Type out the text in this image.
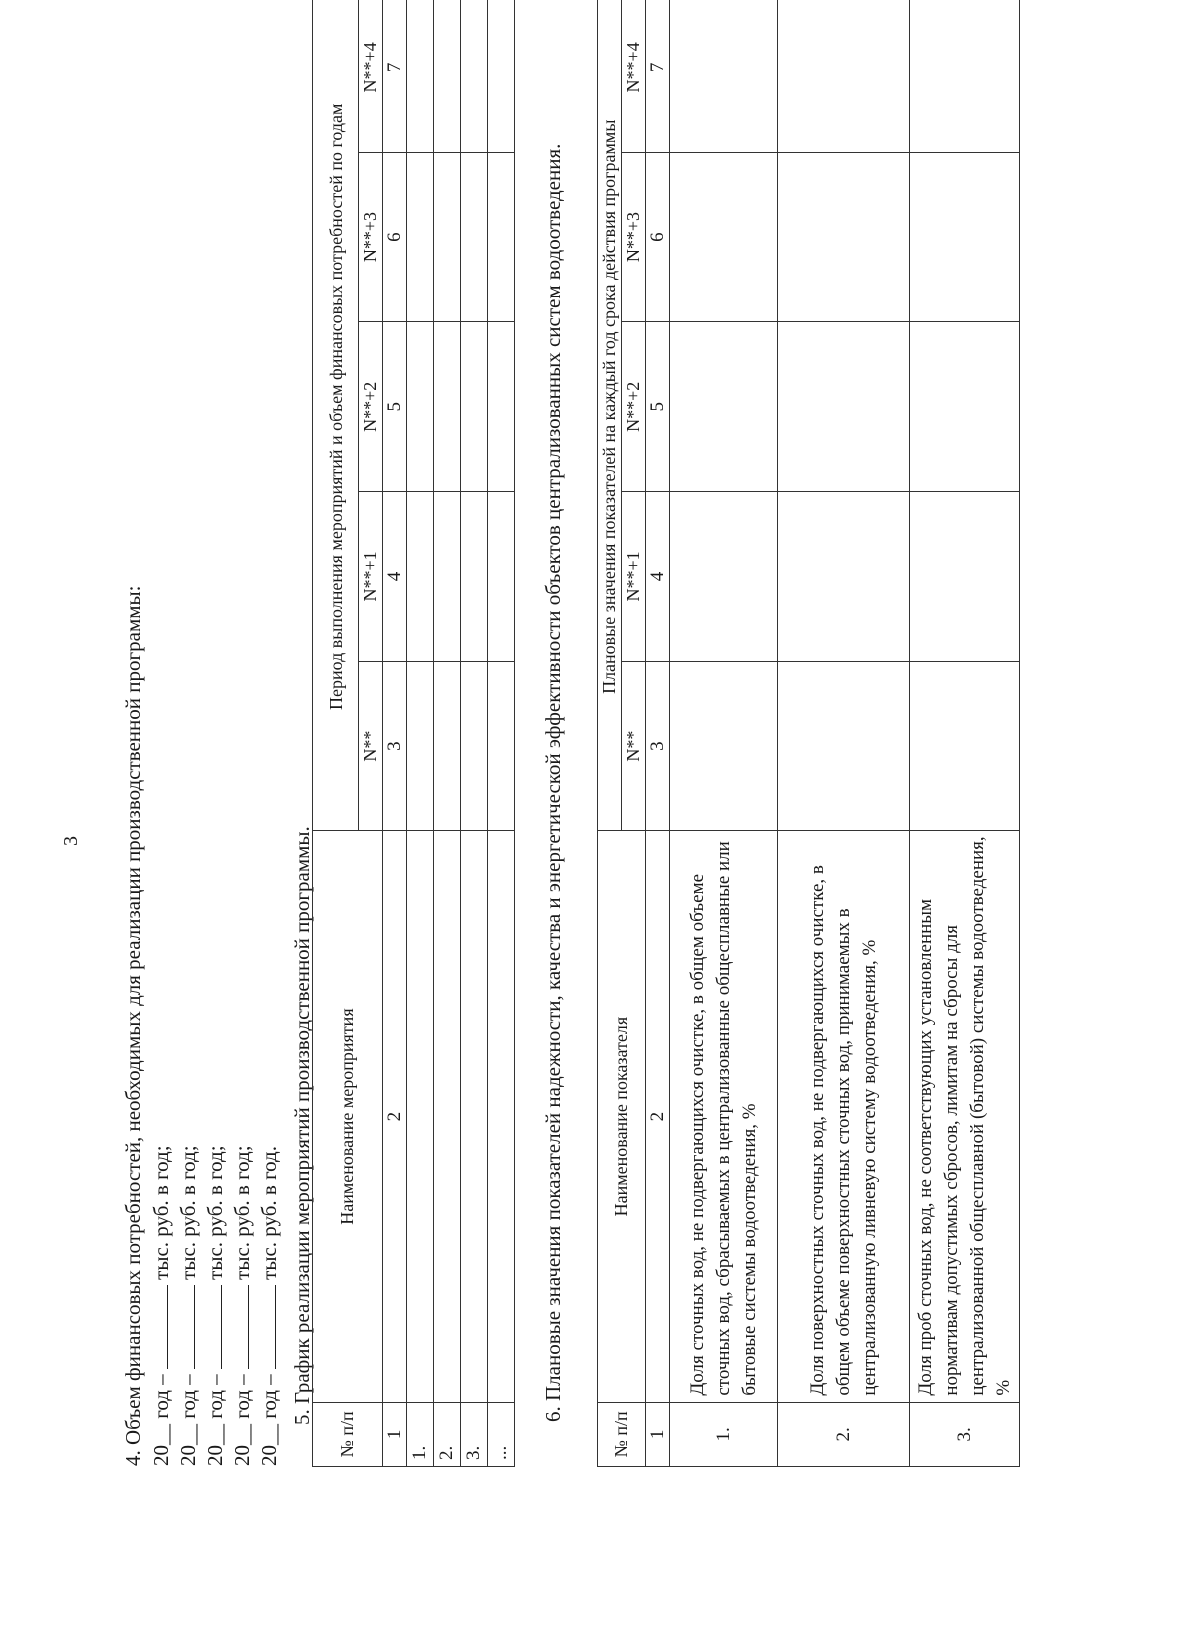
3 4. Объем финансовых потребностей, необходимых для реализации производственной программы: 20__ год –  тыс. руб. в год;
20__ год –  тыс. руб. в год;
20__ год –  тыс. руб. в год;
20__ год –  тыс. руб. в год;
20__ год –  тыс. руб. в год. 5. График реализации мероприятий производственной программы.
№ п/п	Наименование мероприятия	Период выполнения мероприятий и объем финансовых потребностей по годам				
		N**	N**+1	N**+2	N**+3	N**+4
1	2	3	4	5	6	7
1.						
2.						
3.						
...						
6. Плановые значения показателей надежности, качества и энергетической эффективности объектов централизованных систем водоотведения.
№ п/п	Наименование показателя	Плановые значения показателей на каждый год срока действия программы				
		N**	N**+1	N**+2	N**+3	N**+4
1	2	3	4	5	6	7
1.	Доля сточных вод, не подвергающихся очистке, в общем объеме сточных вод, сбрасываемых в централизованные общесплавные или бытовые системы водоотведения, %					
2.	Доля поверхностных сточных вод, не подвергающихся очистке, в общем объеме поверхностных сточных вод, принимаемых в централизованную ливневую систему водоотведения, %					
3.	Доля проб сточных вод, не соответствующих установленным нормативам допустимых сбросов, лимитам на сбросы для централизованной общесплавной (бытовой) системы водоотведения, %					
